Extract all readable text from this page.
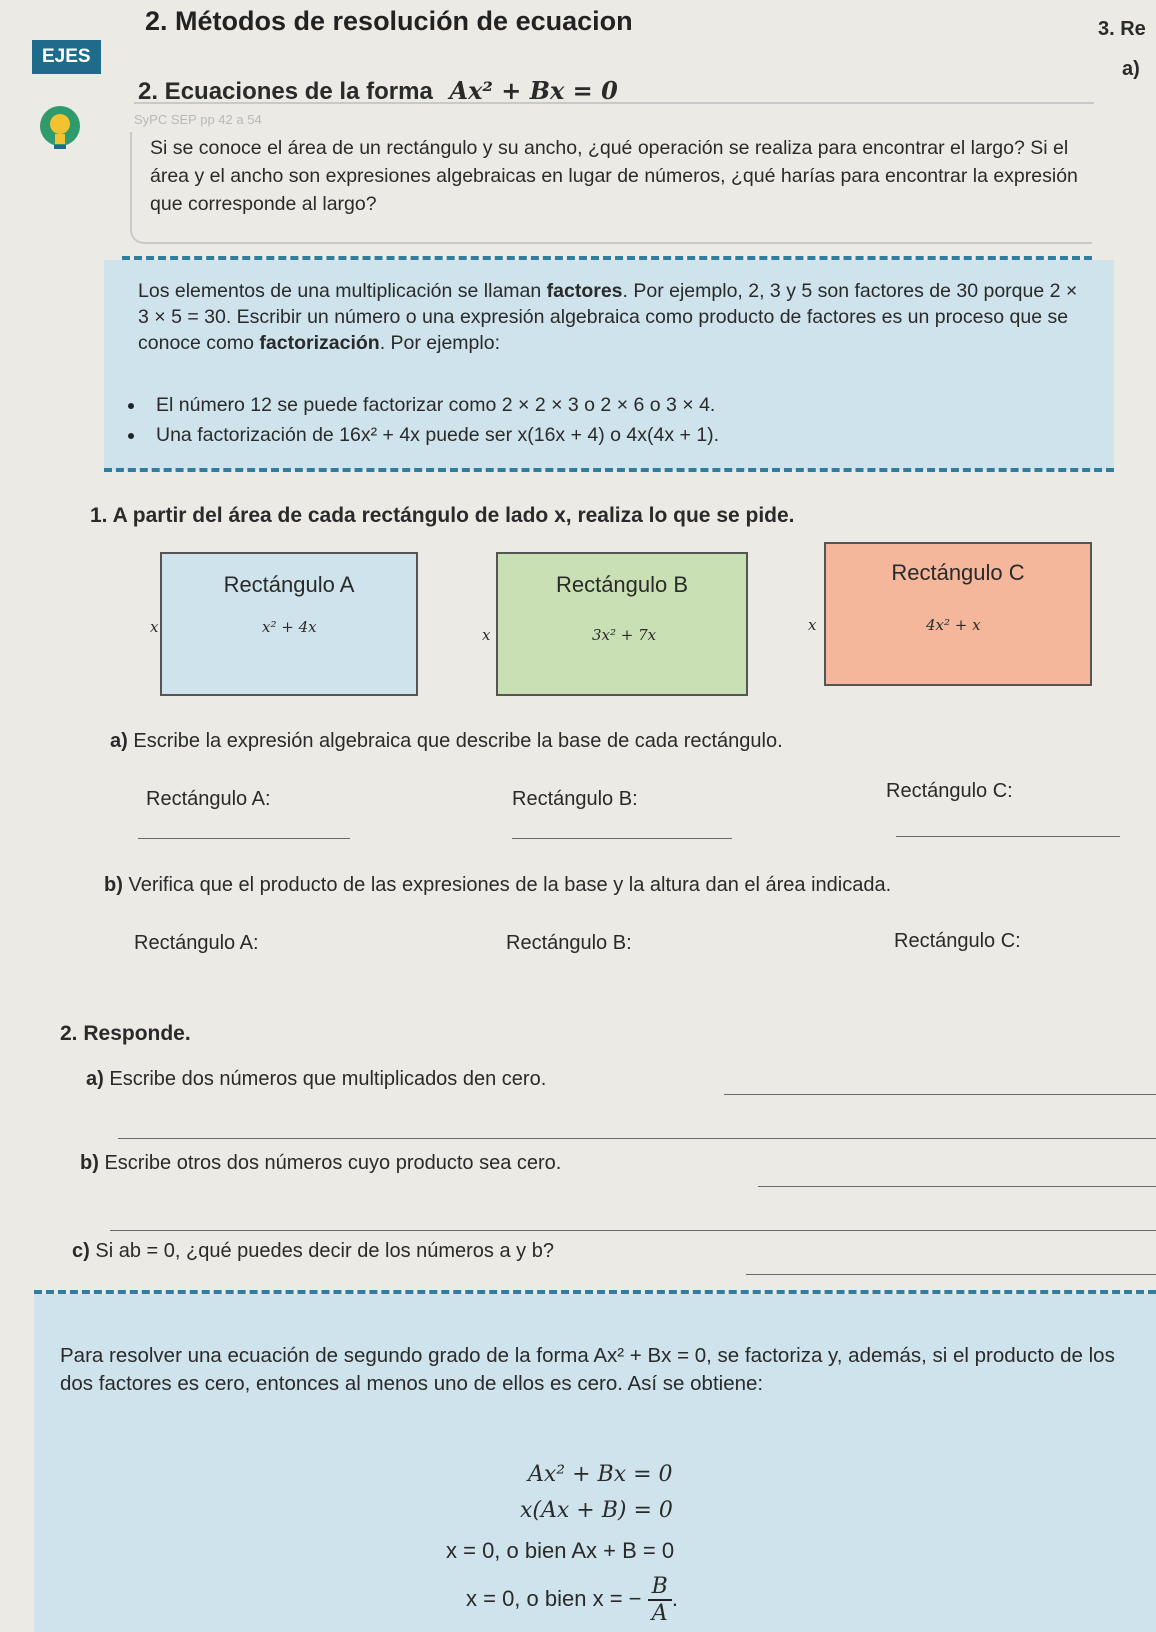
EJES
2. Métodos de resolución de ecuacion	3. Re
a)
2. Ecuaciones de la forma Ax² + Bx = 0
SyPC SEP pp 42 a 54
Si se conoce el área de un rectángulo y su ancho, ¿qué operación se realiza para encontrar el largo? Si el área y el ancho son expresiones algebraicas en lugar de números, ¿qué harías para encontrar la expresión que corresponde al largo?
Los elementos de una multiplicación se llaman factores. Por ejemplo, 2, 3 y 5 son factores de 30 porque 2 × 3 × 5 = 30. Escribir un número o una expresión algebraica como producto de factores es un proceso que se conoce como factorización. Por ejemplo:
El número 12 se puede factorizar como 2 × 2 × 3 o 2 × 6 o 3 × 4.
Una factorización de 16x² + 4x puede ser x(16x + 4) o 4x(4x + 1).
1. A partir del área de cada rectángulo de lado x, realiza lo que se pide.
Rectángulo A
x	x² + 4x
Rectángulo B
x	3x² + 7x
Rectángulo C
x	4x² + x
a) Escribe la expresión algebraica que describe la base de cada rectángulo.
Rectángulo A:	Rectángulo B:	Rectángulo C:
b) Verifica que el producto de las expresiones de la base y la altura dan el área indicada.
Rectángulo A:	Rectángulo B:	Rectángulo C:
2. Responde.
a) Escribe dos números que multiplicados den cero.
b) Escribe otros dos números cuyo producto sea cero.
c) Si ab = 0, ¿qué puedes decir de los números a y b?
Para resolver una ecuación de segundo grado de la forma Ax² + Bx = 0, se factoriza y, además, si el producto de los dos factores es cero, entonces al menos uno de ellos es cero. Así se obtiene:
Ax² + Bx = 0
x(Ax + B) = 0
x = 0, o bien Ax + B = 0
x = 0, o bien x = − $\frac{B}{A}$ .
